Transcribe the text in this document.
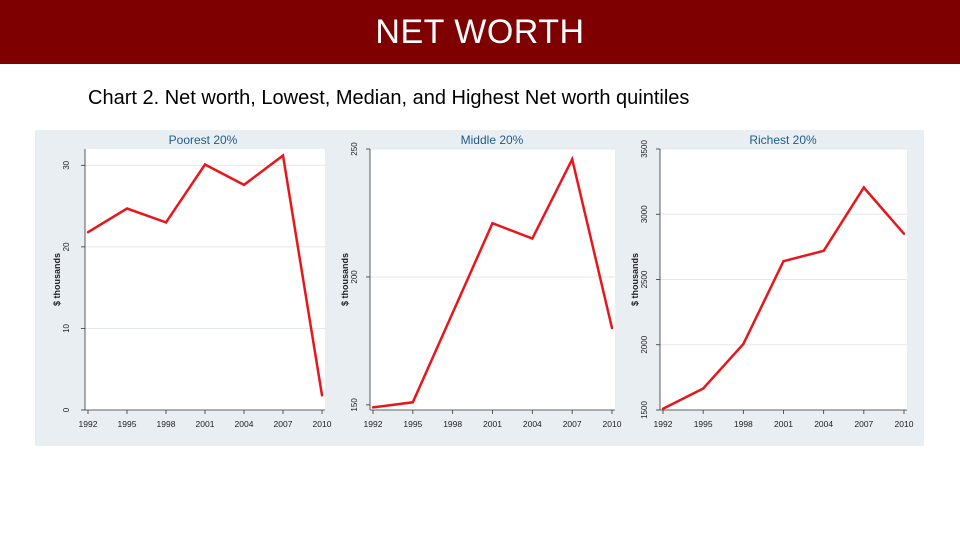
NET WORTH
Chart 2. Net worth, Lowest, Median, and Highest Net worth quintiles
Poorest 20%
0
10
20
30
$ thousands
1992 1995 1998 2001 2004 2007 2010
Middle 20%
150
200
250
$ thousands
1992 1995 1998 2001 2004 2007 2010
Richest 20%
1500
2000
2500
3000
3500
$ thousands
1992 1995 1998 2001 2004 2007 2010
